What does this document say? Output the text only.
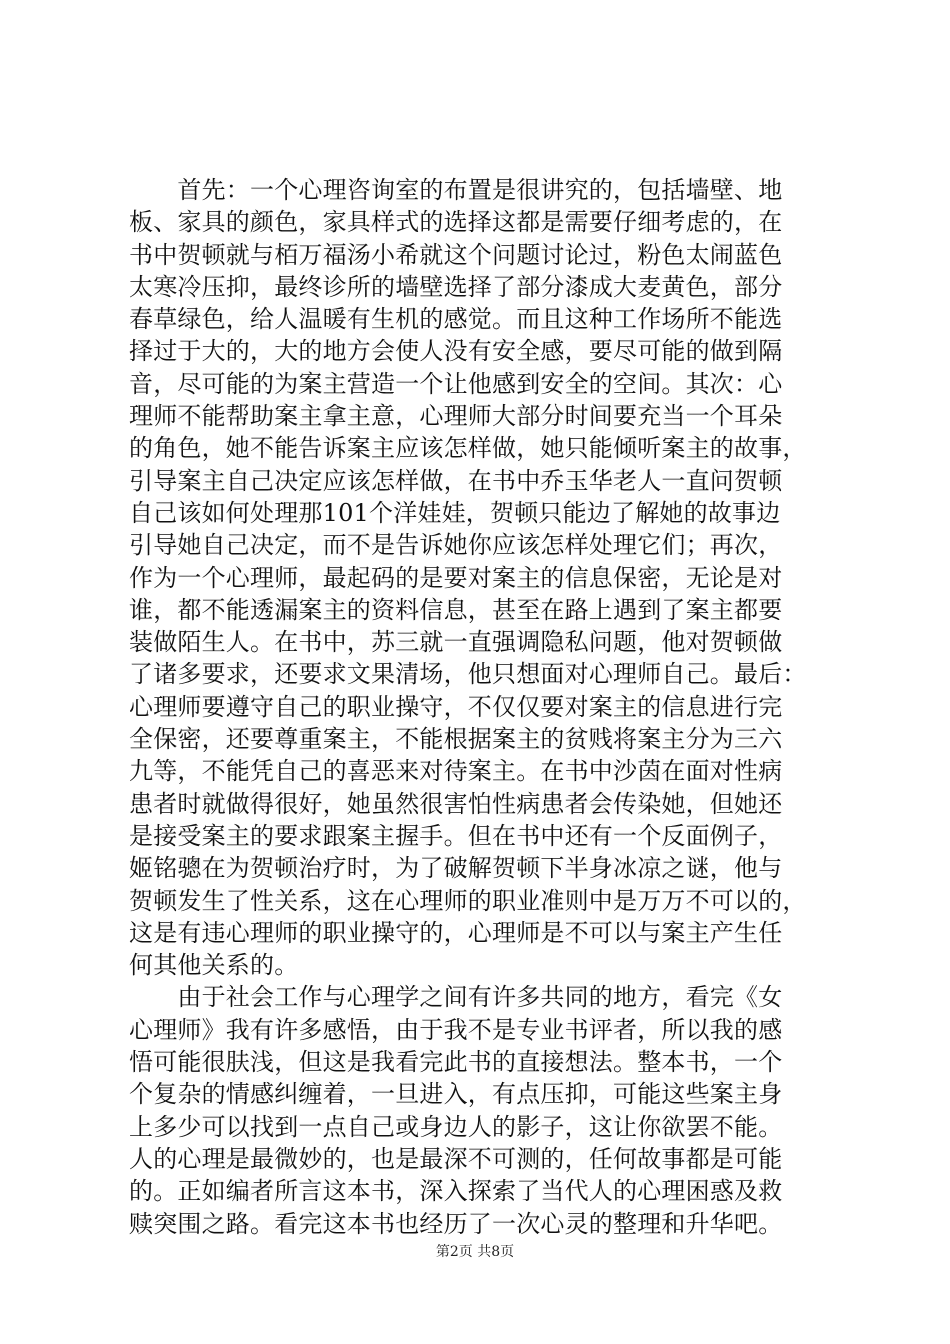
　　首先：一个心理咨询室的布置是很讲究的，包括墙壁、地
板、家具的颜色，家具样式的选择这都是需要仔细考虑的，在
书中贺顿就与栢万福汤小希就这个问题讨论过，粉色太闹蓝色
太寒冷压抑，最终诊所的墙壁选择了部分漆成大麦黄色，部分
春草绿色，给人温暖有生机的感觉。而且这种工作场所不能选
择过于大的，大的地方会使人没有安全感，要尽可能的做到隔
音，尽可能的为案主营造一个让他感到安全的空间。其次：心
理师不能帮助案主拿主意，心理师大部分时间要充当一个耳朵
的角色，她不能告诉案主应该怎样做，她只能倾听案主的故事，
引导案主自己决定应该怎样做，在书中乔玉华老人一直问贺顿
自己该如何处理那101个洋娃娃，贺顿只能边了解她的故事边
引导她自己决定，而不是告诉她你应该怎样处理它们；再次，
作为一个心理师，最起码的是要对案主的信息保密，无论是对
谁，都不能透漏案主的资料信息，甚至在路上遇到了案主都要
装做陌生人。在书中，苏三就一直强调隐私问题，他对贺顿做
了诸多要求，还要求文果清场，他只想面对心理师自己。最后：
心理师要遵守自己的职业操守，不仅仅要对案主的信息进行完
全保密，还要尊重案主，不能根据案主的贫贱将案主分为三六
九等，不能凭自己的喜恶来对待案主。在书中沙茵在面对性病
患者时就做得很好，她虽然很害怕性病患者会传染她，但她还
是接受案主的要求跟案主握手。但在书中还有一个反面例子，
姬铭骢在为贺顿治疗时，为了破解贺顿下半身冰凉之谜，他与
贺顿发生了性关系，这在心理师的职业准则中是万万不可以的，
这是有违心理师的职业操守的，心理师是不可以与案主产生任
何其他关系的。
　　由于社会工作与心理学之间有许多共同的地方，看完《女
心理师》我有许多感悟，由于我不是专业书评者，所以我的感
悟可能很肤浅，但这是我看完此书的直接想法。整本书，一个
个复杂的情感纠缠着，一旦进入，有点压抑，可能这些案主身
上多少可以找到一点自己或身边人的影子，这让你欲罢不能。
人的心理是最微妙的，也是最深不可测的，任何故事都是可能
的。正如编者所言这本书，深入探索了当代人的心理困惑及救
赎突围之路。看完这本书也经历了一次心灵的整理和升华吧。
第2页 共8页
